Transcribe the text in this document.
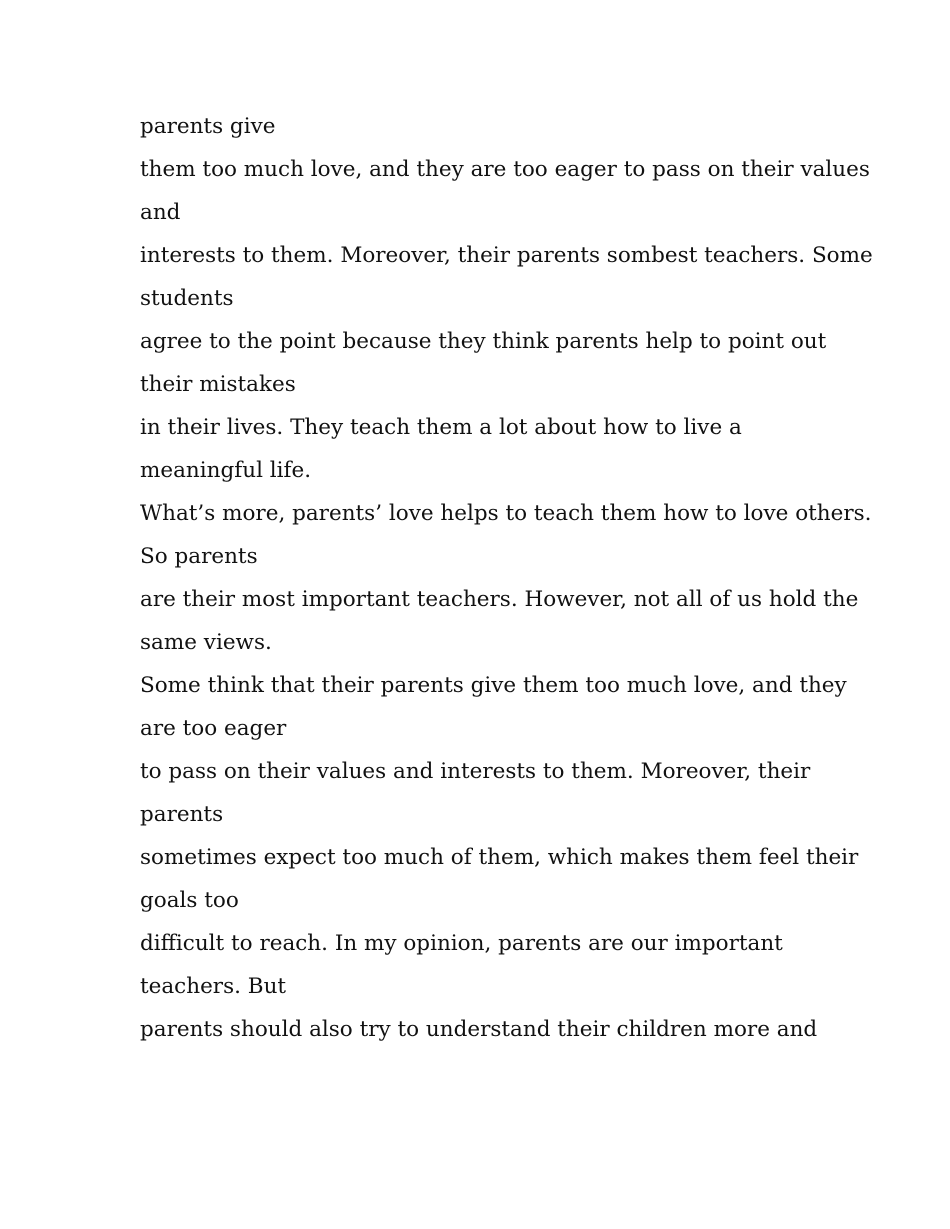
parents give

them too much love, and they are too eager to pass on their values

and

interests to them. Moreover, their parents sombest teachers. Some

students

agree to the point because they think parents help to point out

their mistakes

in their lives. They teach them a lot about how to live a

meaningful life.

What’s more, parents’ love helps to teach them how to love others.

So parents

are their most important teachers. However, not all of us hold the

same views.

Some think that their parents give them too much love, and they

are too eager

to pass on their values and interests to them. Moreover, their

parents

sometimes expect too much of them, which makes them feel their

goals too

difficult to reach. In my opinion, parents are our important

teachers. But

parents should also try to understand their children more and
